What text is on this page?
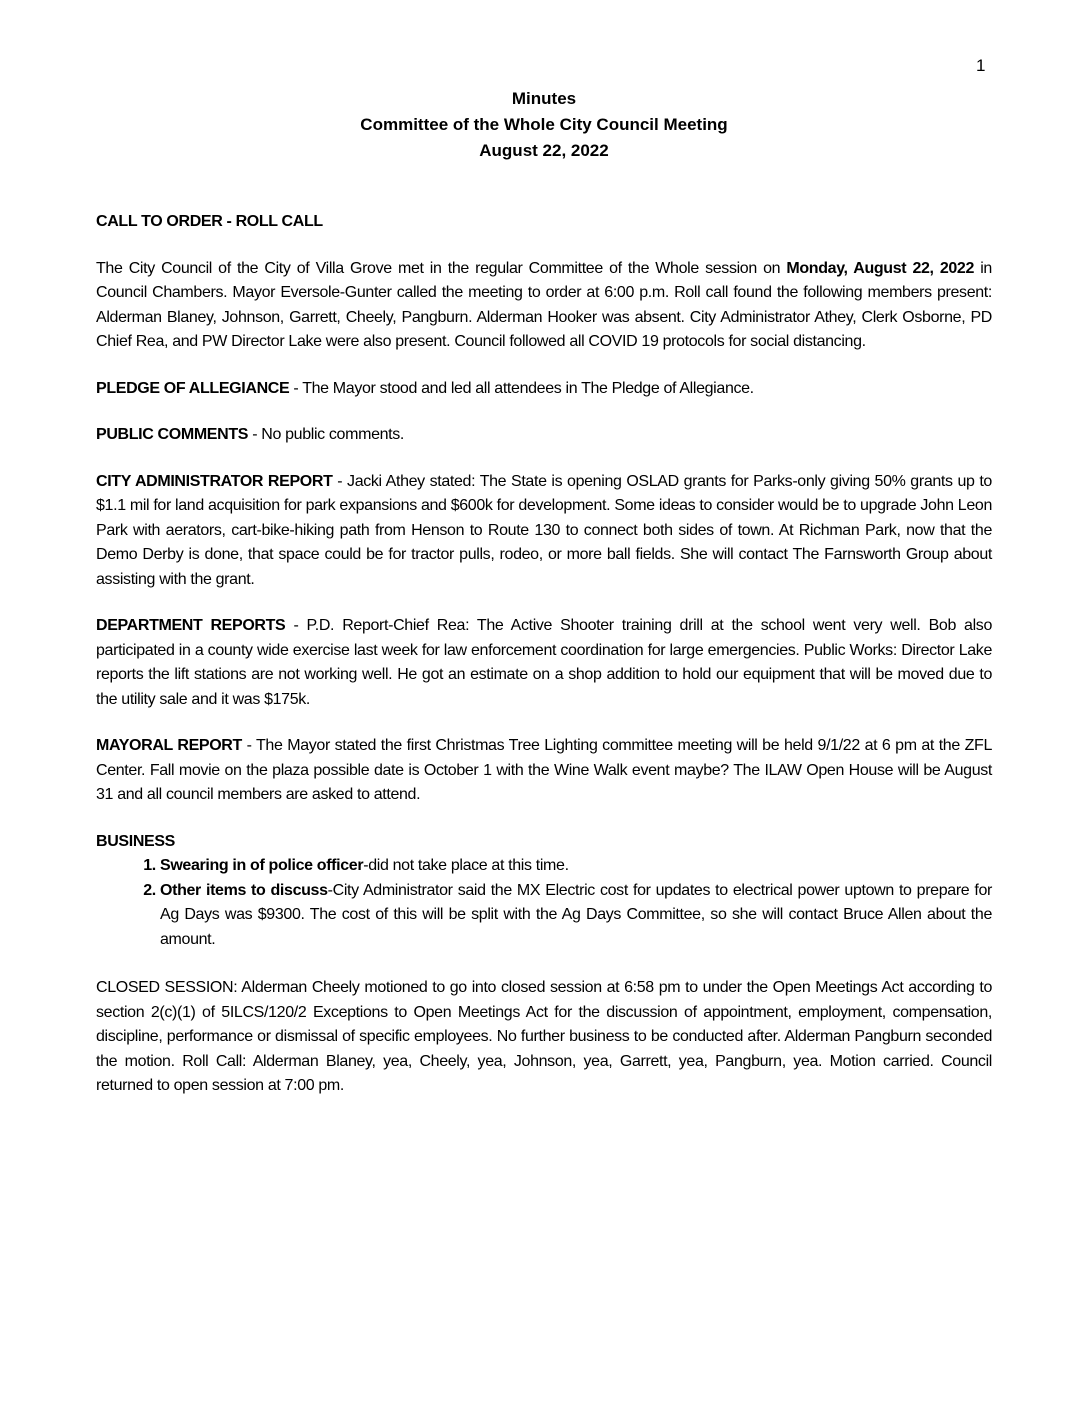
1
Minutes
Committee of the Whole City Council Meeting
August 22, 2022

CALL TO ORDER - ROLL CALL

The City Council of the City of Villa Grove met in the regular Committee of the Whole session on Monday, August 22, 2022 in Council Chambers. Mayor Eversole-Gunter called the meeting to order at 6:00 p.m. Roll call found the following members present: Alderman Blaney, Johnson, Garrett, Cheely, Pangburn. Alderman Hooker was absent. City Administrator Athey, Clerk Osborne, PD Chief Rea, and PW Director Lake were also present. Council followed all COVID 19 protocols for social distancing.

PLEDGE OF ALLEGIANCE - The Mayor stood and led all attendees in The Pledge of Allegiance.

PUBLIC COMMENTS - No public comments.

CITY ADMINISTRATOR REPORT - Jacki Athey stated: The State is opening OSLAD grants for Parks-only giving 50% grants up to $1.1 mil for land acquisition for park expansions and $600k for development. Some ideas to consider would be to upgrade John Leon Park with aerators, cart-bike-hiking path from Henson to Route 130 to connect both sides of town. At Richman Park, now that the Demo Derby is done, that space could be for tractor pulls, rodeo, or more ball fields. She will contact The Farnsworth Group about assisting with the grant.

DEPARTMENT REPORTS - P.D. Report-Chief Rea: The Active Shooter training drill at the school went very well. Bob also participated in a county wide exercise last week for law enforcement coordination for large emergencies. Public Works: Director Lake reports the lift stations are not working well. He got an estimate on a shop addition to hold our equipment that will be moved due to the utility sale and it was $175k.

MAYORAL REPORT - The Mayor stated the first Christmas Tree Lighting committee meeting will be held 9/1/22 at 6 pm at the ZFL Center. Fall movie on the plaza possible date is October 1 with the Wine Walk event maybe? The ILAW Open House will be August 31 and all council members are asked to attend.

BUSINESS

1. Swearing in of police officer-did not take place at this time.
2. Other items to discuss-City Administrator said the MX Electric cost for updates to electrical power uptown to prepare for Ag Days was $9300. The cost of this will be split with the Ag Days Committee, so she will contact Bruce Allen about the amount.

CLOSED SESSION: Alderman Cheely motioned to go into closed session at 6:58 pm to under the Open Meetings Act according to section 2(c)(1) of 5ILCS/120/2 Exceptions to Open Meetings Act for the discussion of appointment, employment, compensation, discipline, performance or dismissal of specific employees. No further business to be conducted after. Alderman Pangburn seconded the motion. Roll Call: Alderman Blaney, yea, Cheely, yea, Johnson, yea, Garrett, yea, Pangburn, yea. Motion carried. Council returned to open session at 7:00 pm.
